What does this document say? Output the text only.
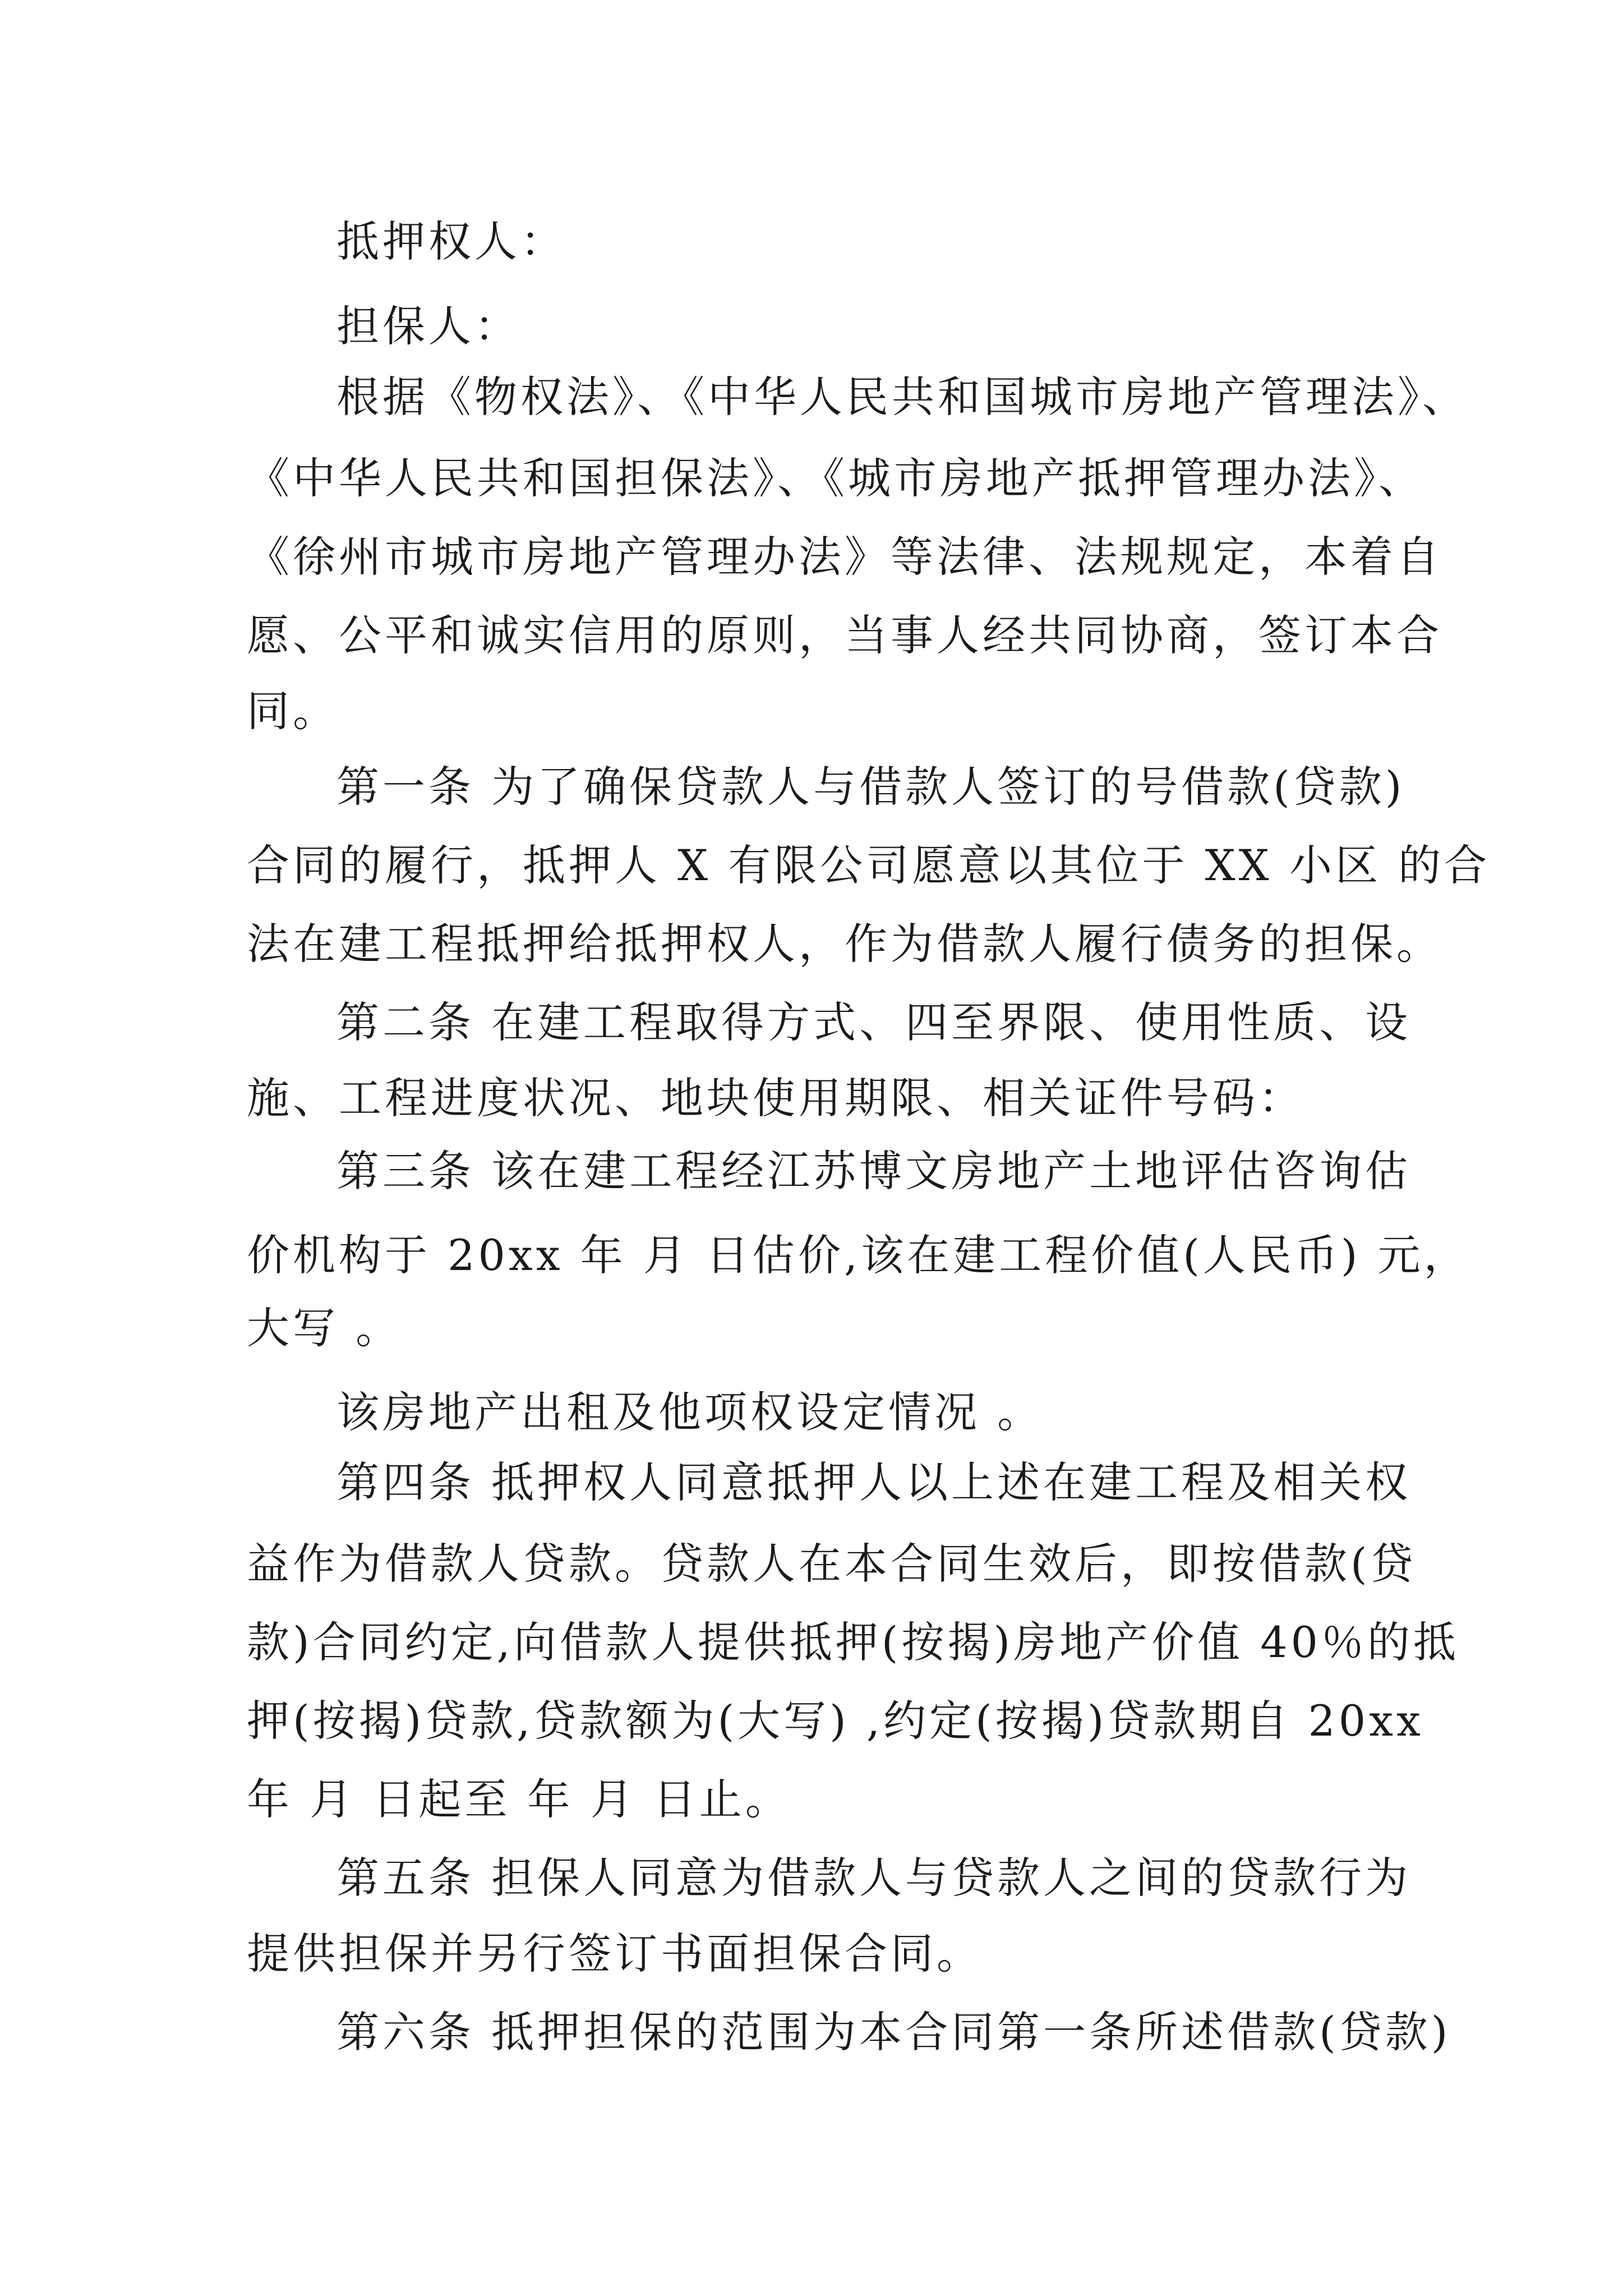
抵押权人：
担保人：
根据《物权法》、《中华人民共和国城市房地产管理法》、
《中华人民共和国担保法》、《城市房地产抵押管理办法》、
《徐州市城市房地产管理办法》等法律、法规规定，本着自
愿、公平和诚实信用的原则，当事人经共同协商，签订本合
同。
第一条 为了确保贷款人与借款人签订的号借款(贷款)
合同的履行，抵押人 X 有限公司愿意以其位于 XX 小区 的合
法在建工程抵押给抵押权人，作为借款人履行债务的担保。
第二条 在建工程取得方式、四至界限、使用性质、设
施、工程进度状况、地块使用期限、相关证件号码：
第三条 该在建工程经江苏博文房地产土地评估咨询估
价机构于 20xx 年 月 日估价,该在建工程价值(人民币) 元，
大写 。
该房地产出租及他项权设定情况 。
第四条 抵押权人同意抵押人以上述在建工程及相关权
益作为借款人贷款。贷款人在本合同生效后，即按借款(贷
款)合同约定,向借款人提供抵押(按揭)房地产价值 40％的抵
押(按揭)贷款,贷款额为(大写) ,约定(按揭)贷款期自 20xx
年 月 日起至 年 月 日止。
第五条 担保人同意为借款人与贷款人之间的贷款行为
提供担保并另行签订书面担保合同。
第六条 抵押担保的范围为本合同第一条所述借款(贷款)
